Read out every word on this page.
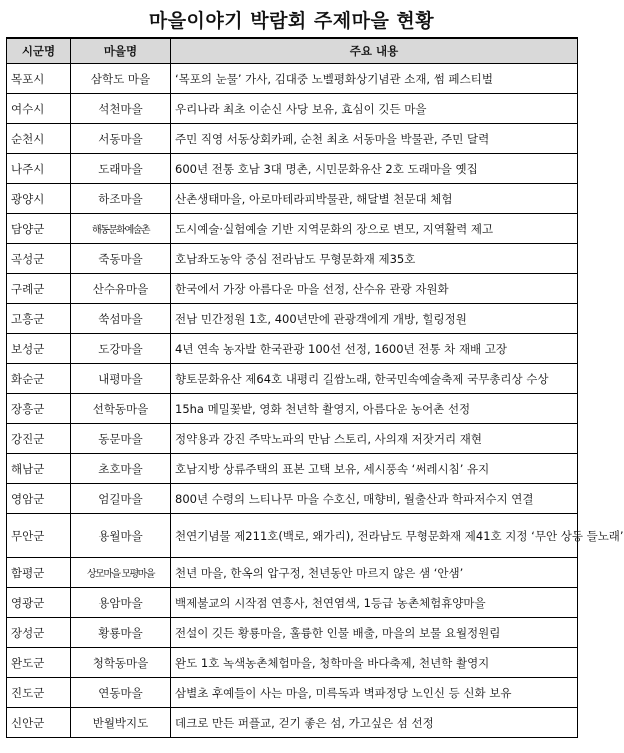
마을이야기 박람회 주제마을 현황
시군명	마을명	주요 내용
목포시	삼학도 마을	‘목포의 눈물’ 가사, 김대중 노벨평화상기념관 소재, 썸 페스티벌
여수시	석천마을	우리나라 최초 이순신 사당 보유, 효심이 깃든 마을
순천시	서동마을	주민 직영 서동상회카페, 순천 최초 서동마을 박물관, 주민 달력
나주시	도래마을	600년 전통 호남 3대 명촌, 시민문화유산 2호 도래마을 옛집
광양시	하조마을	산촌생태마을, 아로마테라피박물관, 해달별 천문대 체험
담양군	해동문화예술촌	도시예술·실험예술 기반 지역문화의 장으로 변모, 지역활력 제고
곡성군	죽동마을	호남좌도농악 중심 전라남도 무형문화재 제35호
구례군	산수유마을	한국에서 가장 아름다운 마을 선정, 산수유 관광 자원화
고흥군	쑥섬마을	전남 민간정원 1호, 400년만에 관광객에게 개방, 힐링정원
보성군	도강마을	4년 연속 농자발 한국관광 100선 선정, 1600년 전통 차 재배 고장
화순군	내평마을	향토문화유산 제64호 내평리 길쌈노래, 한국민속예술축제 국무총리상 수상
장흥군	선학동마을	15ha 메밀꽃밭, 영화 천년학 촬영지, 아름다운 농어촌 선정
강진군	동문마을	정약용과 강진 주막노파의 만남 스토리, 사의재 저잣거리 재현
해남군	초호마을	호남지방 상류주택의 표본 고택 보유, 세시풍속 ‘써레시침’ 유지
영암군	엄길마을	800년 수령의 느티나무 마을 수호신, 매향비, 월출산과 학파저수지 연결
무안군	용월마을	천연기념물 제211호(백로, 왜가리), 전라남도 무형문화재 제41호 지정 ‘무안 상동 들노래’
함평군	상모마을 모평마을	천년 마을, 한옥의 압구정, 천년동안 마르지 않은 샘 ‘안샘’
영광군	용암마을	백제불교의 시작점 연흥사, 천연염색, 1등급 농촌체험휴양마을
장성군	황룡마을	전설이 깃든 황룡마을, 훌륭한 인물 배출, 마을의 보물 요월정원림
완도군	청학동마을	완도 1호 녹색농촌체험마을, 청학마을 바다축제, 천년학 촬영지
진도군	연동마을	삼별초 후예들이 사는 마을, 미륵독과 벽파정당 노인신 등 신화 보유
신안군	반월박지도	데크로 만든 퍼플교, 걷기 좋은 섬, 가고싶은 섬 선정
